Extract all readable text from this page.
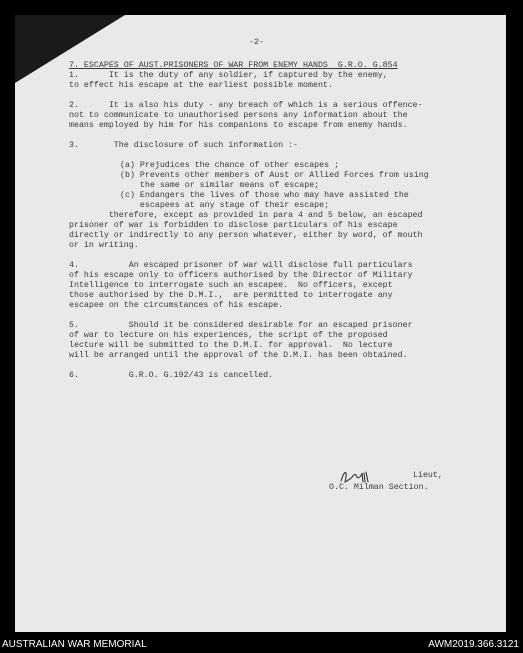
-2-

7. ESCAPES OF AUST.PRISONERS OF WAR FROM ENEMY HANDS  G.R.O. G.854

1.      It is the duty of any soldier, if captured by the enemy,

to effect his escape at the earliest possible moment.

2.      It is also his duty - any breach of which is a serious offence-

not to communicate to unauthorised persons any information about the

means employed by him for his companions to escape from enemy hands.

3.       The disclosure of such information :-

(a) Prejudices the chance of other escapes ;

(b) Prevents other members of Aust or Allied Forces from using

the same or similar means of escape;

(c) Endangers the lives of those who may have assisted the

escapees at any stage of their escape;

therefore, except as provided in para 4 and 5 below, an escaped

prisoner of war is forbidden to disclose particulars of his escape

directly or indirectly to any person whatever, either by word, of mouth

or in writing.

4.          An escaped prisoner of war will disclose full particulars

of his escape only to officers authorised by the Director of Military

Intelligence to interrogate such an escapee.  No officers, except

those authorised by the D.M.I.,  are permitted to interrogate any

escapee on the circumstances of his escape.

5.          Should it be considered desirable for an escaped prisoner

of war to lecture on his experiences, the script of the proposed

lecture will be submitted to the D.M.I. for approval.  No lecture

will be arranged until the approval of the D.M.I. has been obtained.

6.          G.R.O. G.192/43 is cancelled.

Lieut,

O.C. Milman Section.

AUSTRALIAN WAR MEMORIAL	AWM2019.366.3121
